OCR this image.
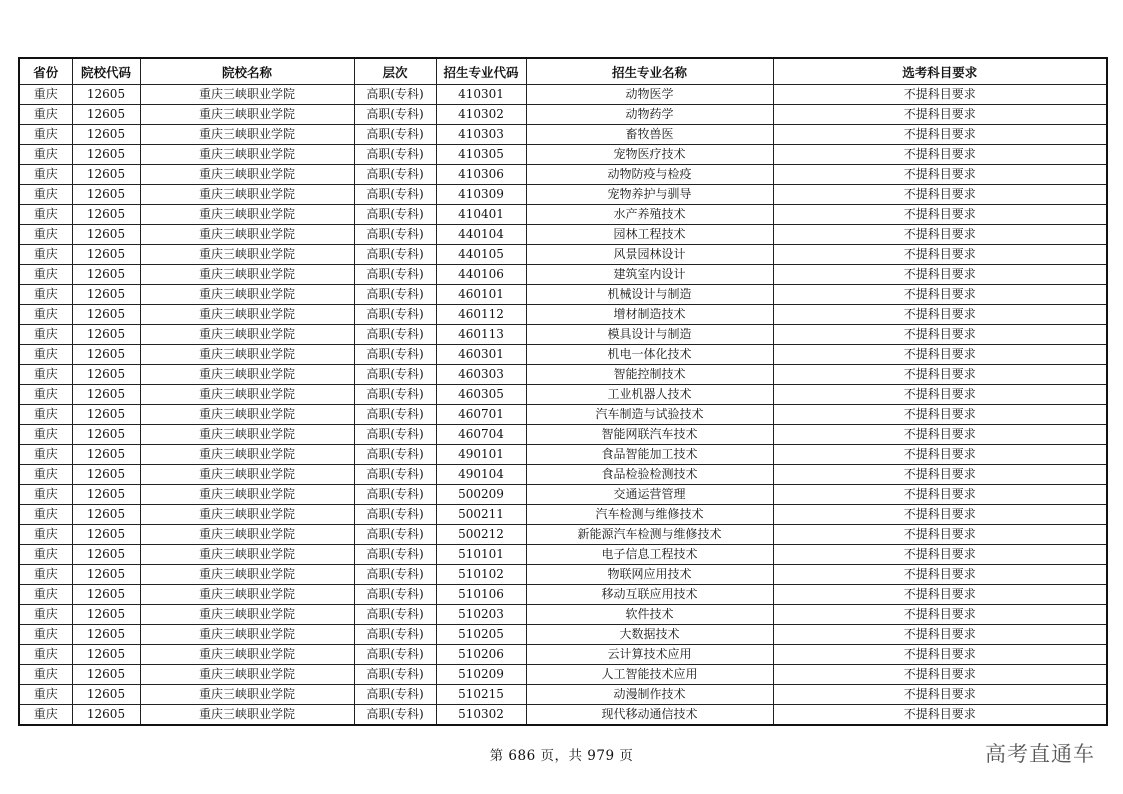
省份	院校代码	院校名称	层次	招生专业代码	招生专业名称	选考科目要求
重庆	12605	重庆三峡职业学院	高职(专科)	410301	动物医学	不提科目要求
重庆	12605	重庆三峡职业学院	高职(专科)	410302	动物药学	不提科目要求
重庆	12605	重庆三峡职业学院	高职(专科)	410303	畜牧兽医	不提科目要求
重庆	12605	重庆三峡职业学院	高职(专科)	410305	宠物医疗技术	不提科目要求
重庆	12605	重庆三峡职业学院	高职(专科)	410306	动物防疫与检疫	不提科目要求
重庆	12605	重庆三峡职业学院	高职(专科)	410309	宠物养护与驯导	不提科目要求
重庆	12605	重庆三峡职业学院	高职(专科)	410401	水产养殖技术	不提科目要求
重庆	12605	重庆三峡职业学院	高职(专科)	440104	园林工程技术	不提科目要求
重庆	12605	重庆三峡职业学院	高职(专科)	440105	风景园林设计	不提科目要求
重庆	12605	重庆三峡职业学院	高职(专科)	440106	建筑室内设计	不提科目要求
重庆	12605	重庆三峡职业学院	高职(专科)	460101	机械设计与制造	不提科目要求
重庆	12605	重庆三峡职业学院	高职(专科)	460112	增材制造技术	不提科目要求
重庆	12605	重庆三峡职业学院	高职(专科)	460113	模具设计与制造	不提科目要求
重庆	12605	重庆三峡职业学院	高职(专科)	460301	机电一体化技术	不提科目要求
重庆	12605	重庆三峡职业学院	高职(专科)	460303	智能控制技术	不提科目要求
重庆	12605	重庆三峡职业学院	高职(专科)	460305	工业机器人技术	不提科目要求
重庆	12605	重庆三峡职业学院	高职(专科)	460701	汽车制造与试验技术	不提科目要求
重庆	12605	重庆三峡职业学院	高职(专科)	460704	智能网联汽车技术	不提科目要求
重庆	12605	重庆三峡职业学院	高职(专科)	490101	食品智能加工技术	不提科目要求
重庆	12605	重庆三峡职业学院	高职(专科)	490104	食品检验检测技术	不提科目要求
重庆	12605	重庆三峡职业学院	高职(专科)	500209	交通运营管理	不提科目要求
重庆	12605	重庆三峡职业学院	高职(专科)	500211	汽车检测与维修技术	不提科目要求
重庆	12605	重庆三峡职业学院	高职(专科)	500212	新能源汽车检测与维修技术	不提科目要求
重庆	12605	重庆三峡职业学院	高职(专科)	510101	电子信息工程技术	不提科目要求
重庆	12605	重庆三峡职业学院	高职(专科)	510102	物联网应用技术	不提科目要求
重庆	12605	重庆三峡职业学院	高职(专科)	510106	移动互联应用技术	不提科目要求
重庆	12605	重庆三峡职业学院	高职(专科)	510203	软件技术	不提科目要求
重庆	12605	重庆三峡职业学院	高职(专科)	510205	大数据技术	不提科目要求
重庆	12605	重庆三峡职业学院	高职(专科)	510206	云计算技术应用	不提科目要求
重庆	12605	重庆三峡职业学院	高职(专科)	510209	人工智能技术应用	不提科目要求
重庆	12605	重庆三峡职业学院	高职(专科)	510215	动漫制作技术	不提科目要求
重庆	12605	重庆三峡职业学院	高职(专科)	510302	现代移动通信技术	不提科目要求
第 686 页，共 979 页	高考直通车
